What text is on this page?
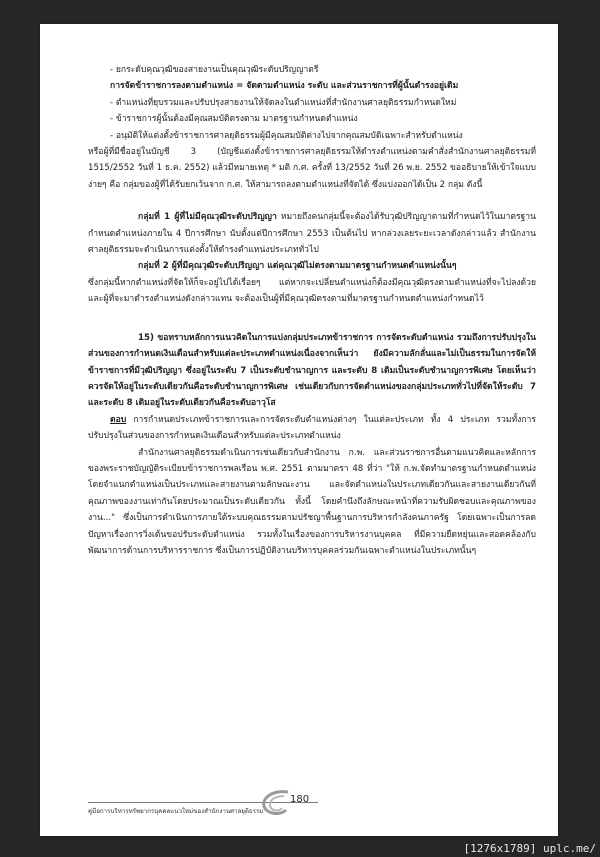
- ยกระดับคุณวุฒิของสายงานเป็นคุณวุฒิระดับปริญญาตรี

การจัดข้าราชการลงตามตำแหน่ง = จัดตามตำแหน่ง ระดับ และส่วนราชการที่ผู้นั้นดำรงอยู่เดิม

- ตำแหน่งที่ยุบรวมและปรับปรุงสายงานให้จัดลงในตำแหน่งที่สำนักงานศาลยุติธรรมกำหนดใหม่

- ข้าราชการผู้นั้นต้องมีคุณสมบัติตรงตาม มาตรฐานกำหนดตำแหน่ง

- อนุมัติให้แต่งตั้งข้าราชการศาลยุติธรรมผู้มีคุณสมบัติต่างไปจากคุณสมบัติเฉพาะสำหรับตำแหน่ง

หรือผู้ที่มีชื่ออยู่ในบัญชี 3 (บัญชีแต่งตั้งข้าราชการศาลยุติธรรมให้ดำรงตำแหน่งตามคำสั่งสำนักงานศาลยุติธรรมที่ 1515/2552 วันที่ 1 ธ.ค. 2552) แล้วมีหมายเหตุ * มติ ก.ศ. ครั้งที่ 13/2552 วันที่ 26 พ.ย. 2552 ขออธิบายให้เข้าใจแบบง่ายๆ คือ กลุ่มของผู้ที่ได้รับยกเว้นจาก ก.ศ. ให้สามารถลงตามตำแหน่งที่จัดได้ ซึ่งแบ่งออกได้เป็น 2 กลุ่ม ดังนี้

กลุ่มที่ 1 ผู้ที่ไม่มีคุณวุฒิระดับปริญญา หมายถึงคนกลุ่มนี้จะต้องได้รับวุฒิปริญญาตามที่กำหนดไว้ในมาตรฐานกำหนดตำแหน่งภายใน 4 ปีการศึกษา นับตั้งแต่ปีการศึกษา 2553 เป็นต้นไป หากล่วงเลยระยะเวลาดังกล่าวแล้ว สำนักงานศาลยุติธรรมจะดำเนินการแต่งตั้งให้ดำรงตำแหน่งประเภททั่วไป

กลุ่มที่ 2 ผู้ที่มีคุณวุฒิระดับปริญญา แต่คุณวุฒิไม่ตรงตามมาตรฐานกำหนดตำแหน่งนั้นๆ

ซึ่งกลุ่มนี้หากตำแหน่งที่จัดให้ก็จะอยู่ไปได้เรื่อยๆ แต่หากจะเปลี่ยนตำแหน่งก็ต้องมีคุณวุฒิตรงตามตำแหน่งที่จะไปลงด้วย และผู้ที่จะมาดำรงตำแหน่งดังกล่าวแทน จะต้องเป็นผู้ที่มีคุณวุฒิตรงตามที่มาตรฐานกำหนดตำแหน่งกำหนดไว้

15) ขอทราบหลักการแนวคิดในการแบ่งกลุ่มประเภทข้าราชการ การจัดระดับตำแหน่ง รวมถึงการปรับปรุงในส่วนของการกำหนดเงินเดือนสำหรับแต่ละประเภทตำแหน่งเนื่องจากเห็นว่า ยังมีความลักลั่นและไม่เป็นธรรมในการจัดให้ข้าราชการที่มีวุฒิปริญญา ซึ่งอยู่ในระดับ 7 เป็นระดับชำนาญการ และระดับ 8 เดิมเป็นระดับชำนาญการพิเศษ โดยเห็นว่าควรจัดให้อยู่ในระดับเดียวกันคือระดับชำนาญการพิเศษ เช่นเดียวกับการจัดตำแหน่งของกลุ่มประเภททั่วไปที่จัดให้ระดับ 7 และระดับ 8 เดิมอยู่ในระดับเดียวกันคือระดับอาวุโส

ตอบ การกำหนดประเภทข้าราชการและการจัดระดับตำแหน่งต่างๆ ในแต่ละประเภท ทั้ง 4 ประเภท รวมทั้งการปรับปรุงในส่วนของการกำหนดเงินเดือนสำหรับแต่ละประเภทตำแหน่ง

สำนักงานศาลยุติธรรมดำเนินการเช่นเดียวกับสำนักงาน ก.พ. และส่วนราชการอื่นตามแนวคิดและหลักการของพระราชบัญญัติระเบียบข้าราชการพลเรือน พ.ศ. 2551 ตามมาตรา 48 ที่ว่า "ให้ ก.พ.จัดทำมาตรฐานกำหนดตำแหน่งโดยจำแนกตำแหน่งเป็นประเภทและสายงานตามลักษณะงาน และจัดตำแหน่งในประเภทเดียวกันและสายงานเดียวกันที่คุณภาพของงานเท่ากันโดยประมาณเป็นระดับเดียวกัน ทั้งนี้ โดยคำนึงถึงลักษณะหน้าที่ความรับผิดชอบและคุณภาพของงาน..." ซึ่งเป็นการดำเนินการภายใต้ระบบคุณธรรมตามปรัชญาพื้นฐานการบริหารกำลังคนภาครัฐ โดยเฉพาะเป็นการลดปัญหาเรื่องการวิ่งเต้นขอปรับระดับตำแหน่ง รวมทั้งในเรื่องของการบริหารงานบุคคล ที่มีความยืดหยุ่นและสอดคล้องกับพัฒนาการด้านการบริหารราชการ ซึ่งเป็นการปฏิบัติงานบริหารบุคคลร่วมกันเฉพาะตำแหน่งในประเภทนั้นๆ

คู่มือการบริหารทรัพยากรบุคคลแนวใหม่ของสำนักงานศาลยุติธรรม
180
[1276x1789] uplc.me/
